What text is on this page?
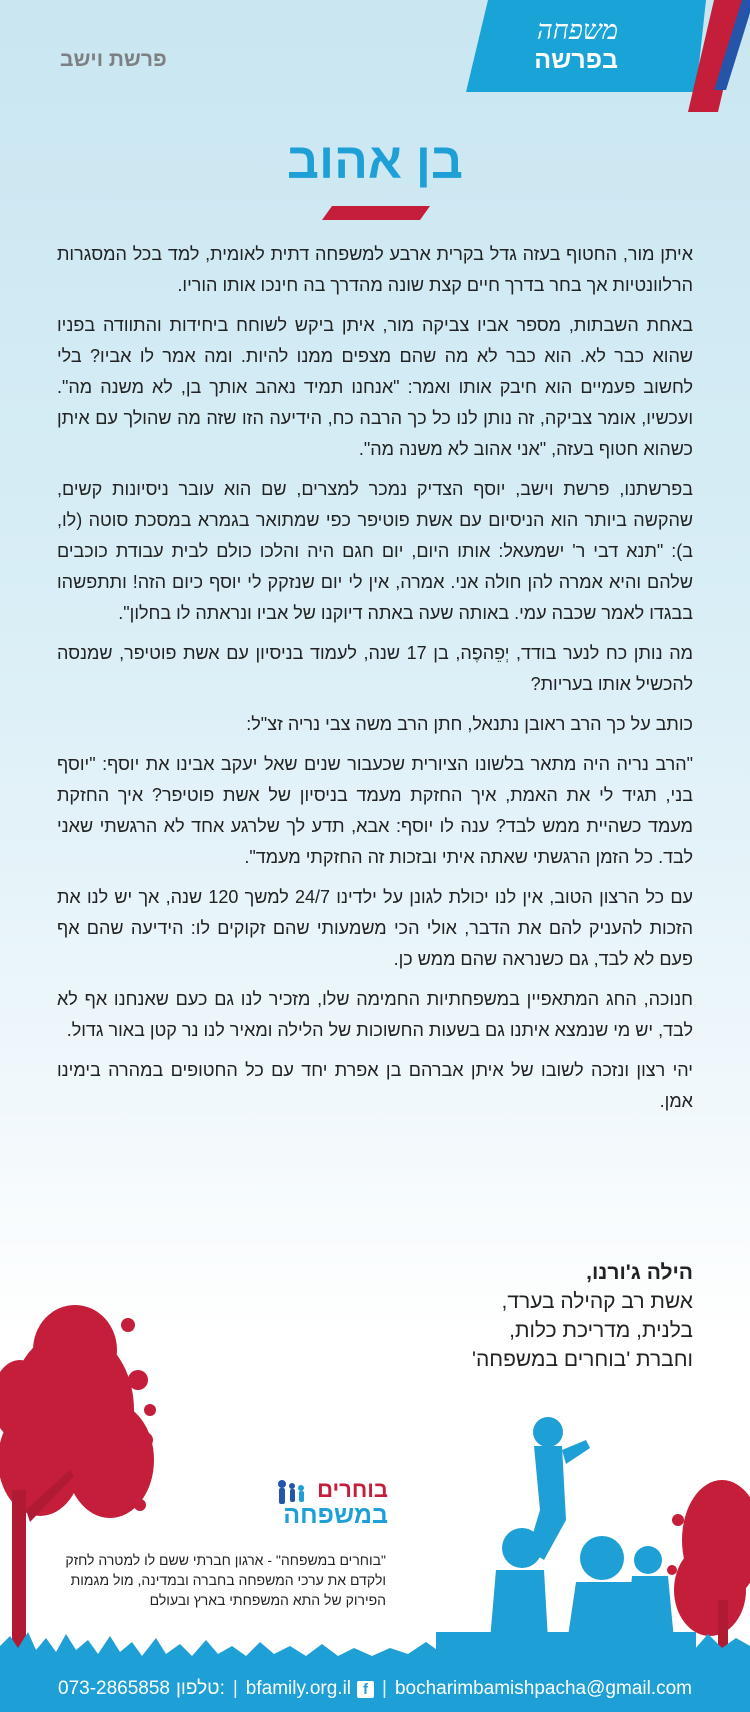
משפחה
בפרשה
פרשת וישב
בן אהוב

איתן מור, החטוף בעזה גדל בקרית ארבע למשפחה דתית לאומית, למד בכל המסגרות הרלוונטיות אך בחר בדרך חיים קצת שונה מהדרך בה חינכו אותו הוריו.

באחת השבתות, מספר אביו צביקה מור, איתן ביקש לשוחח ביחידות והתוודה בפניו שהוא כבר לא. הוא כבר לא מה שהם מצפים ממנו להיות. ומה אמר לו אביו? בלי לחשוב פעמיים הוא חיבק אותו ואמר: "אנחנו תמיד נאהב אותך בן, לא משנה מה". ועכשיו, אומר צביקה, זה נותן לנו כל כך הרבה כח, הידיעה הזו שזה מה שהולך עם איתן כשהוא חטוף בעזה, "אני אהוב לא משנה מה".

בפרשתנו, פרשת וישב, יוסף הצדיק נמכר למצרים, שם הוא עובר ניסיונות קשים, שהקשה ביותר הוא הניסיום עם אשת פוטיפר כפי שמתואר בגמרא במסכת סוטה (לו, ב): "תנא דבי ר' ישמעאל: אותו היום, יום חגם היה והלכו כולם לבית עבודת כוכבים שלהם והיא אמרה להן חולה אני. אמרה, אין לי יום שנזקק לי יוסף כיום הזה! ותתפשהו בבגדו לאמר שכבה עמי. באותה שעה באתה דיוקנו של אביו ונראתה לו בחלון".

מה נותן כח לנער בודד, יְפֵהפֶה, בן 17 שנה, לעמוד בניסיון עם אשת פוטיפר, שמנסה להכשיל אותו בעריות?

כותב על כך הרב ראובן נתנאל, חתן הרב משה צבי נריה זצ"ל:

"הרב נריה היה מתאר בלשונו הציורית שכעבור שנים שאל יעקב אבינו את יוסף: "יוסף בני, תגיד לי את האמת, איך החזקת מעמד בניסיון של אשת פוטיפר? איך החזקת מעמד כשהיית ממש לבד? ענה לו יוסף: אבא, תדע לך שלרגע אחד לא הרגשתי שאני לבד. כל הזמן הרגשתי שאתה איתי ובזכות זה החזקתי מעמד".

עם כל הרצון הטוב, אין לנו יכולת לגונן על ילדינו 24/7 למשך 120 שנה, אך יש לנו את הזכות להעניק להם את הדבר, אולי הכי משמעותי שהם זקוקים לו: הידיעה שהם אף פעם לא לבד, גם כשנראה שהם ממש כן.

חנוכה, החג המתאפיין במשפחתיות החמימה שלו, מזכיר לנו גם כעם שאנחנו אף לא לבד, יש מי שנמצא איתנו גם בשעות החשוכות של הלילה ומאיר לנו נר קטן באור גדול.

יהי רצון ונזכה לשובו של איתן אברהם בן אפרת יחד עם כל החטופים במהרה בימינו אמן.

הילה ג'ורנו,
אשת רב קהילה בערד,
בלנית, מדריכת כלות,
וחברת 'בוחרים במשפחה'
בוחרים
במשפחה
"בוחרים במשפחה" - ארגון חברתי ששם לו למטרה לחזק ולקדם את ערכי המשפחה בחברה ובמדינה, מול מגמות הפירוק של התא המשפחתי בארץ ובעולם
073-2865858 טלפון: | bfamily.org.il f | bocharimbamishpacha@gmail.com
